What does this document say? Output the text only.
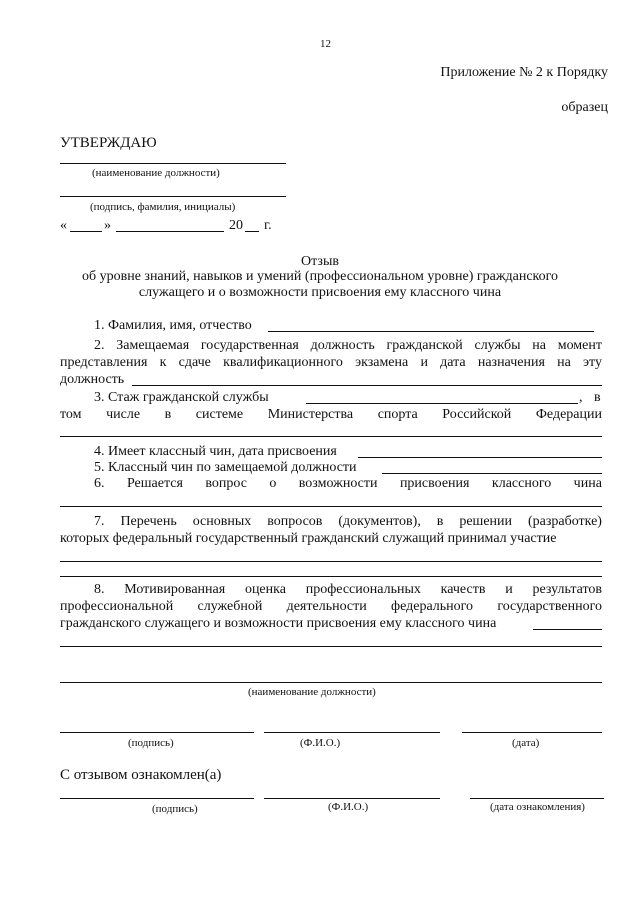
12
Приложение № 2 к Порядку
образец
УТВЕРЖДАЮ
(наименование должности)
(подпись, фамилия, инициалы)
«	»	20 г.
Отзыв
об уровне знаний, навыков и умений (профессиональном уровне) гражданского
служащего и о возможности присвоения ему классного чина
1. Фамилия, имя, отчество
2. Замещаемая государственная должность гражданской службы на момент
представления к сдаче квалификационного экзамена и дата назначения на эту
должность
3. Стаж гражданской службы	, в
том числе в системе Министерства спорта Российской Федерации
4. Имеет классный чин, дата присвоения
5. Классный чин по замещаемой должности
6. Решается вопрос о возможности присвоения классного чина
7. Перечень основных вопросов (документов), в решении (разработке)
которых федеральный государственный гражданский служащий принимал участие
8. Мотивированная оценка профессиональных качеств и результатов
профессиональной служебной деятельности федерального государственного
гражданского служащего и возможности присвоения ему классного чина
(наименование должности)
(подпись)	(Ф.И.О.)	(дата)
С отзывом ознакомлен(а)
(подпись)	(Ф.И.О.)	(дата ознакомления)
